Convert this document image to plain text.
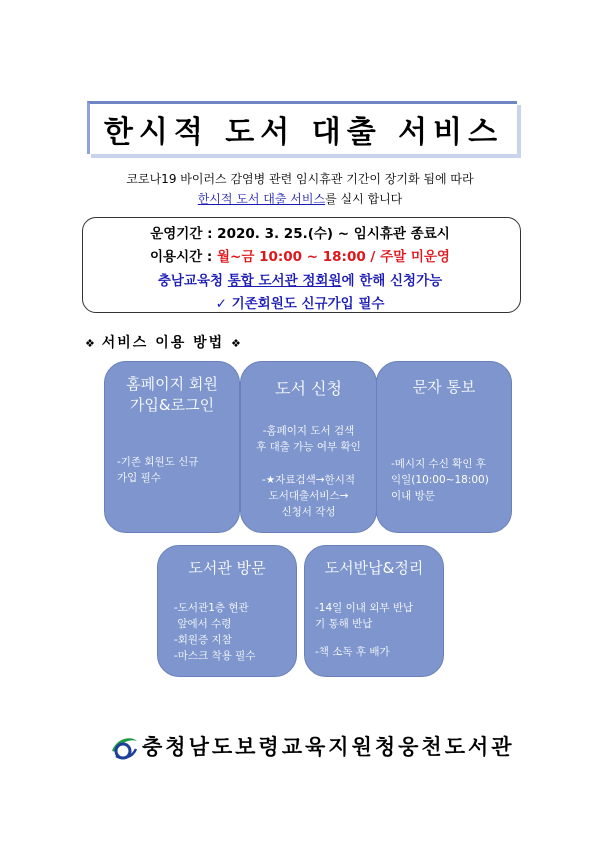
한시적 도서 대출 서비스
코로나19 바이러스 감염병 관련 임시휴관 기간이 장기화 됨에 따라
한시적 도서 대출 서비스를 실시 합니다
운영기간 : 2020. 3. 25.(수) ~ 임시휴관 종료시
이용시간 : 월~금 10:00 ~ 18:00 / 주말 미운영
충남교육청 통합 도서관 정회원에 한해 신청가능
✓ 기존회원도 신규가입 필수
❖ 서비스 이용 방법 ❖
홈페이지 회원
가입&로그인
-기존 회원도 신규
가입 필수
도서 신청
-홈페이지 도서 검색
후 대출 가능 여부 확인
-★자료검색→한시적
도서대출서비스→
신청서 작성
문자 통보
-메시지 수신 확인 후
익일(10:00~18:00)
이내 방문
도서관 방문
-도서관1층 현관
앞에서 수령
-회원증 지참
-마스크 착용 필수
도서반납&정리
-14일 이내 외부 반납
기 통해 반납
-책 소독 후 배가
충청남도보령교육지원청웅천도서관
